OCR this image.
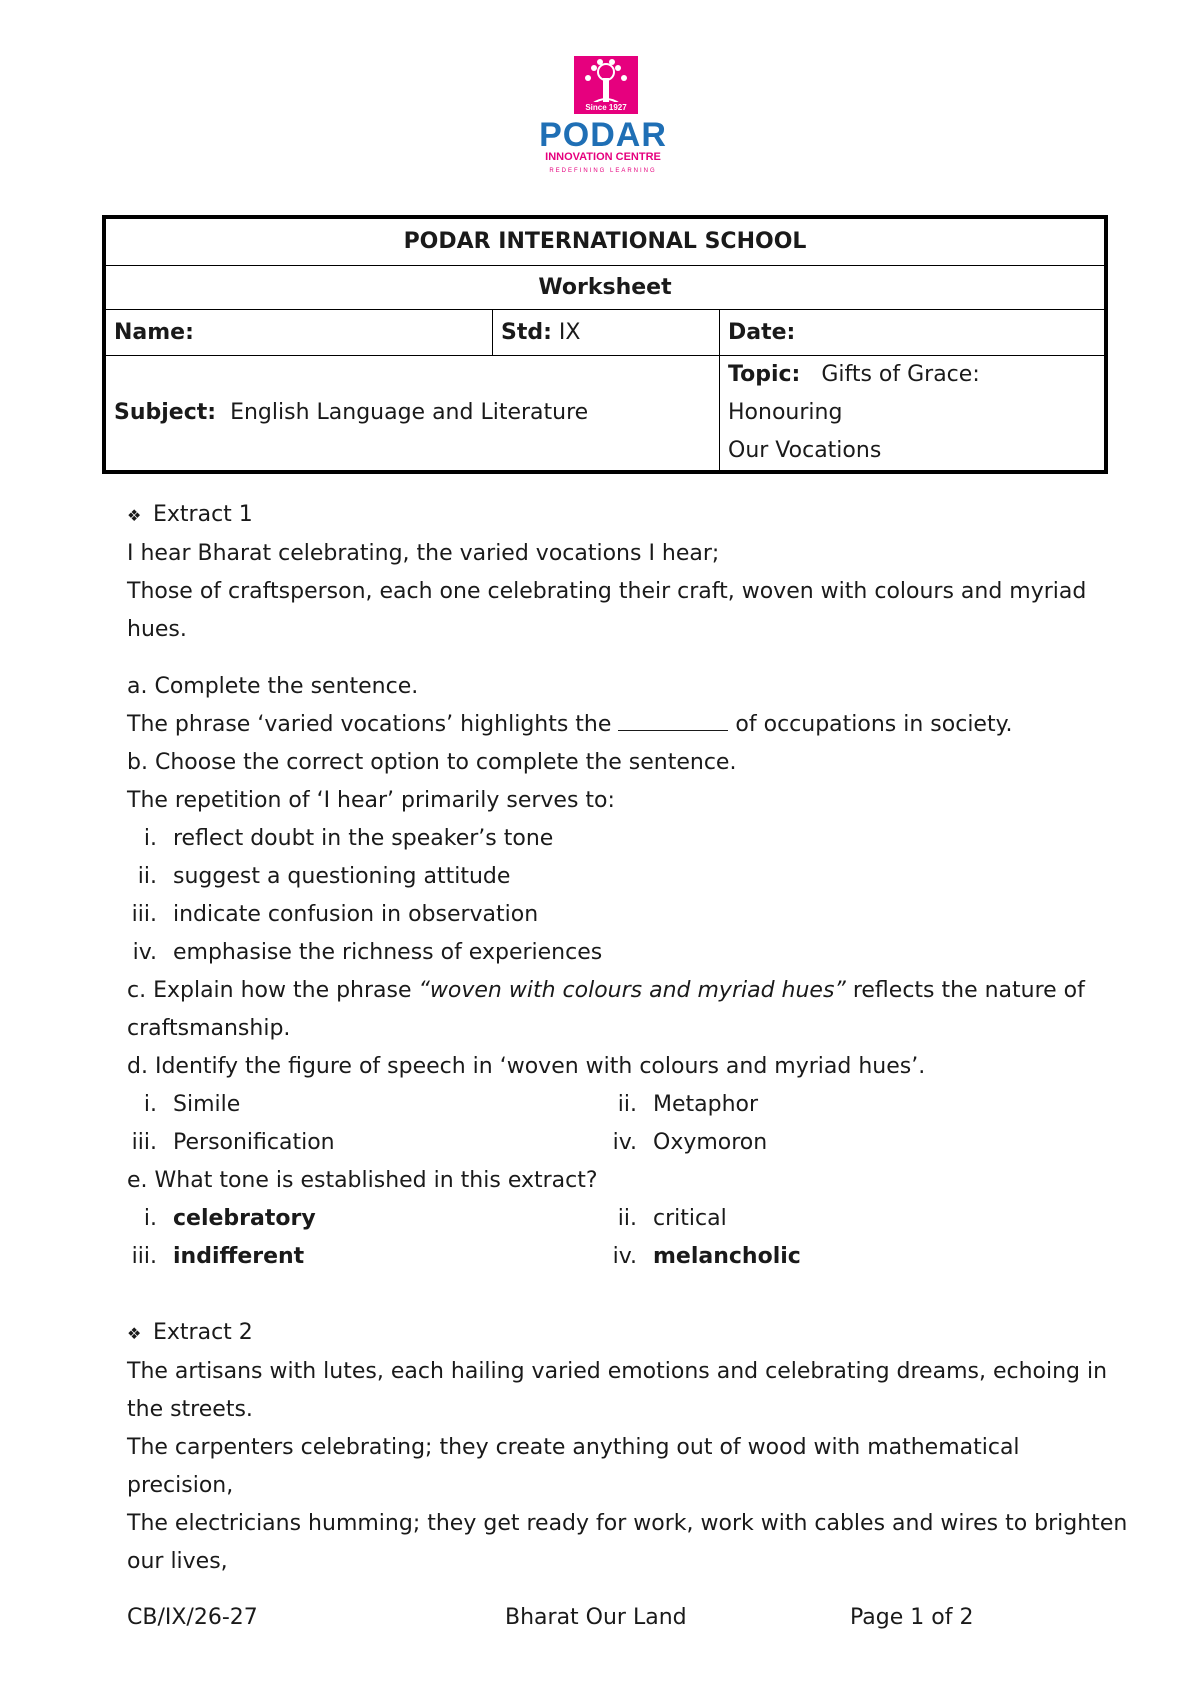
Since 1927
PODAR
INNOVATION CENTRE
REDEFINING LEARNING
PODAR INTERNATIONAL SCHOOL		
Worksheet		
Name:	Std: IX	Date:
Subject: English Language and Literature		Topic: Gifts of Grace: Honouring
Our Vocations
❖ Extract 1
I hear Bharat celebrating, the varied vocations I hear;
Those of craftsperson, each one celebrating their craft, woven with colours and myriad
hues.
a. Complete the sentence.
The phrase ‘varied vocations’ highlights the	of occupations in society.
b. Choose the correct option to complete the sentence.
The repetition of ‘I hear’ primarily serves to:
i. reflect doubt in the speaker’s tone
ii. suggest a questioning attitude
iii. indicate confusion in observation
iv. emphasise the richness of experiences
c. Explain how the phrase “woven with colours and myriad hues” reflects the nature of
craftsmanship.
d. Identify the figure of speech in ‘woven with colours and myriad hues’.
i. Simile	ii. Metaphor
iii. Personification	iv. Oxymoron
e. What tone is established in this extract?
i. celebratory	ii. critical
iii. indifferent	iv. melancholic
❖ Extract 2
The artisans with lutes, each hailing varied emotions and celebrating dreams, echoing in
the streets.
The carpenters celebrating; they create anything out of wood with mathematical
precision,
The electricians humming; they get ready for work, work with cables and wires to brighten
our lives,
CB/IX/26-27	Bharat Our Land	Page 1 of 2
